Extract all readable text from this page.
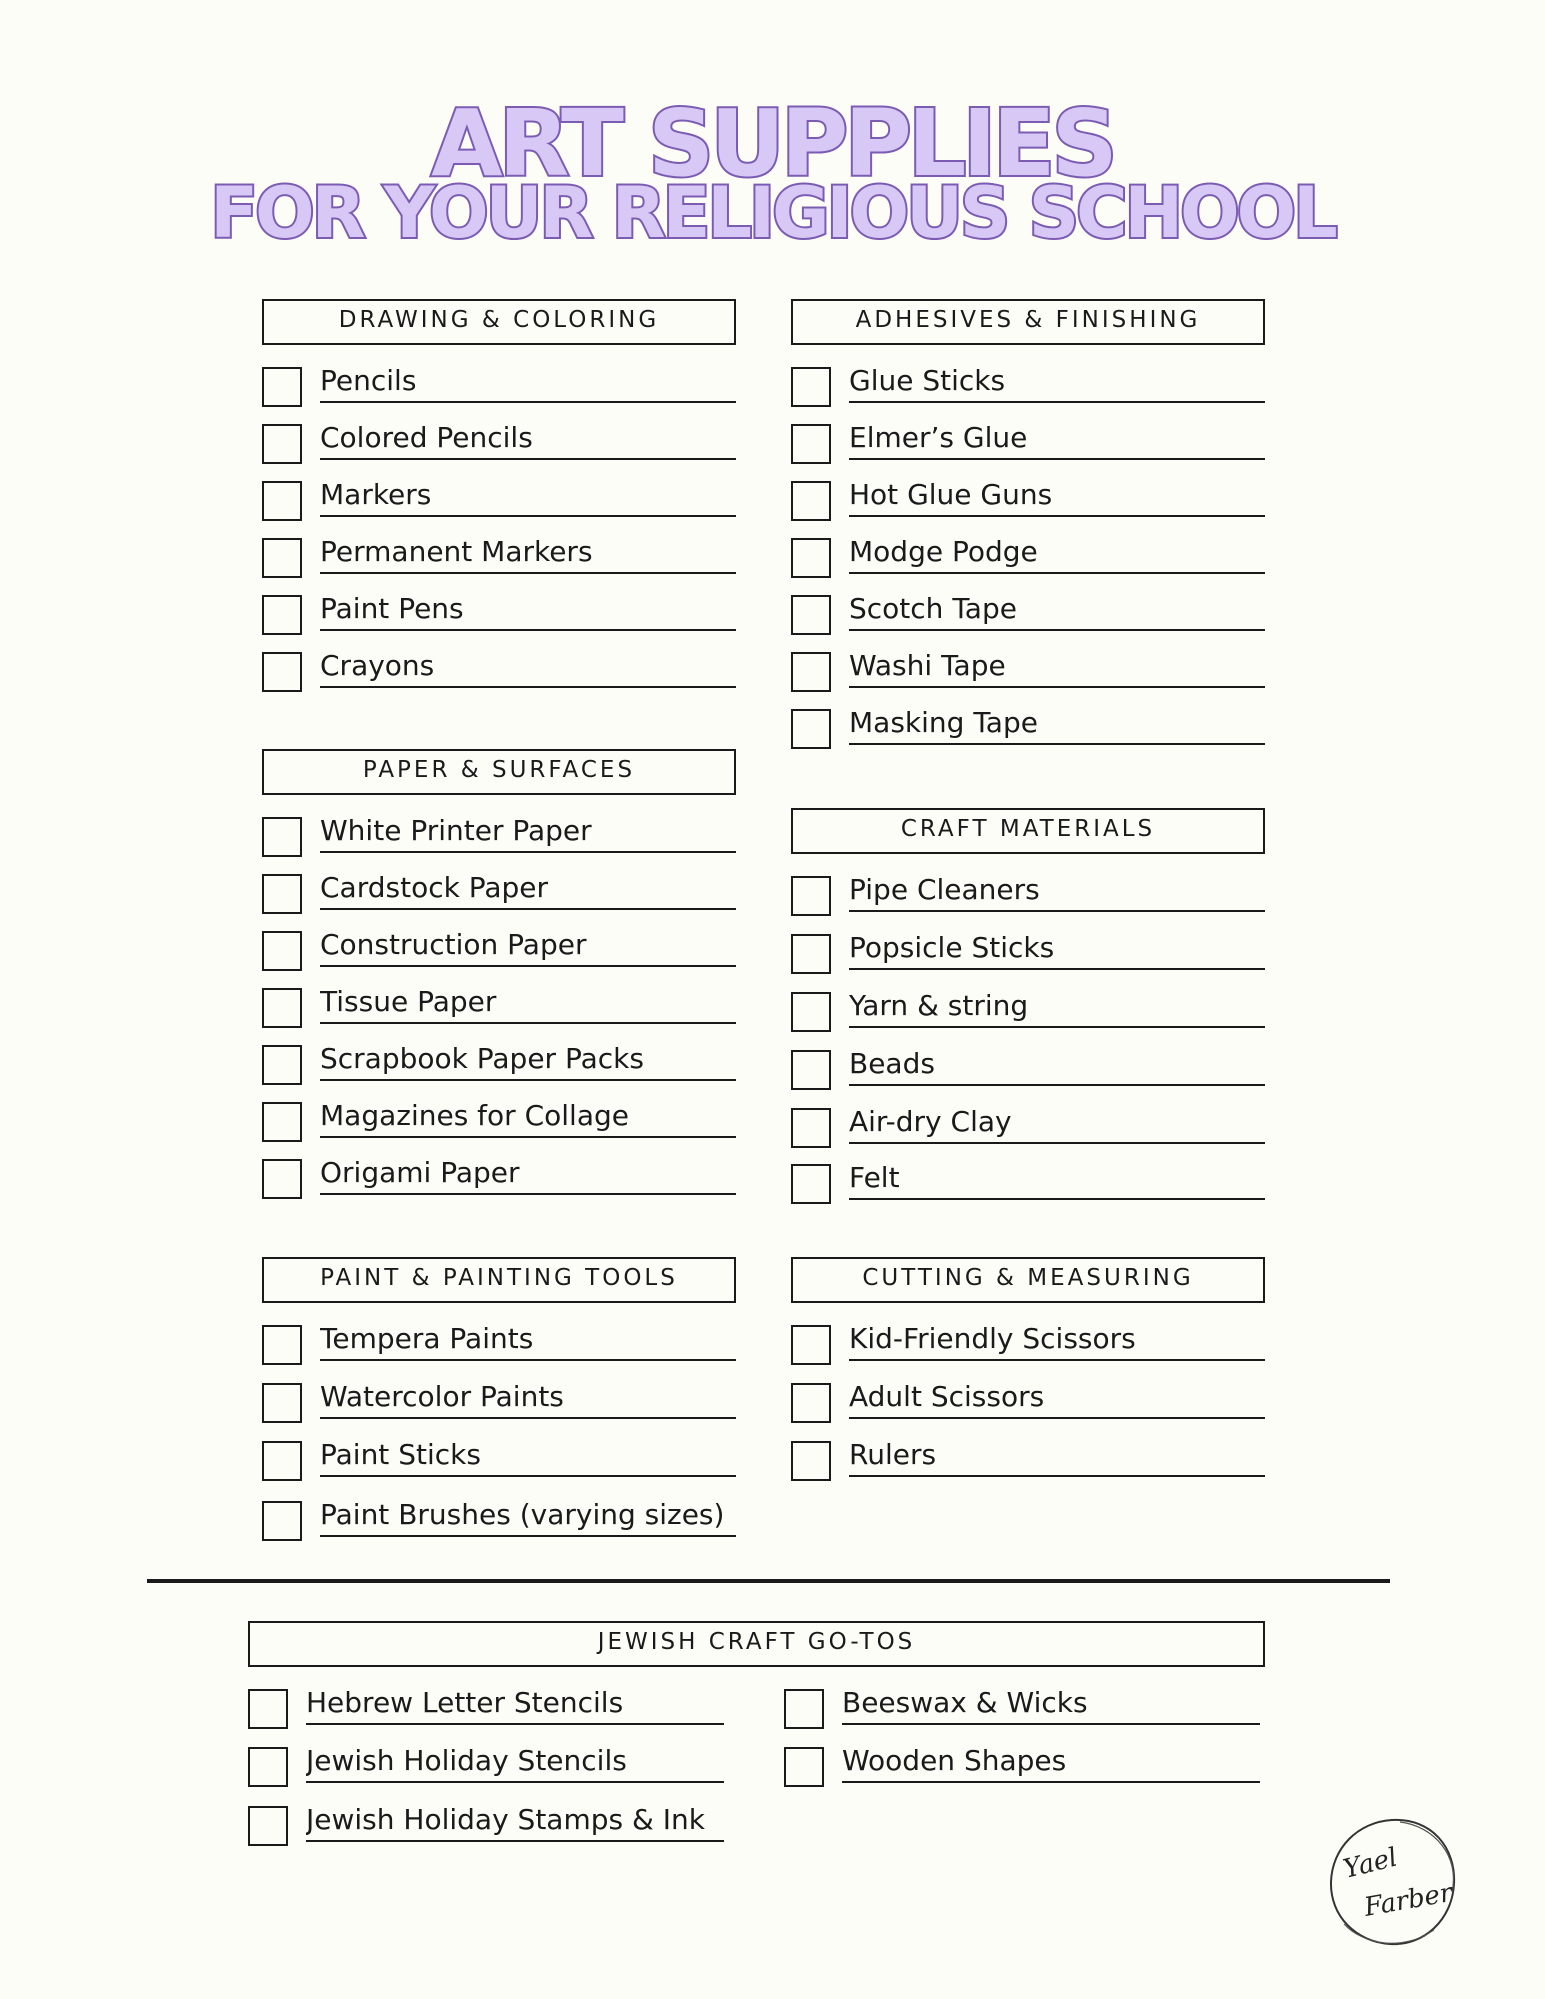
ART SUPPLIES
FOR YOUR RELIGIOUS SCHOOL
DRAWING & COLORING
Pencils
Colored Pencils
Markers
Permanent Markers
Paint Pens
Crayons
PAPER & SURFACES
White Printer Paper
Cardstock Paper
Construction Paper
Tissue Paper
Scrapbook Paper Packs
Magazines for Collage
Origami Paper
PAINT & PAINTING TOOLS
Tempera Paints
Watercolor Paints
Paint Sticks
Paint Brushes (varying sizes)
ADHESIVES & FINISHING
Glue Sticks
Elmer’s Glue
Hot Glue Guns
Modge Podge
Scotch Tape
Washi Tape
Masking Tape
CRAFT MATERIALS
Pipe Cleaners
Popsicle Sticks
Yarn & string
Beads
Air-dry Clay
Felt
CUTTING & MEASURING
Kid-Friendly Scissors
Adult Scissors
Rulers
JEWISH CRAFT GO-TOS
Hebrew Letter Stencils
Jewish Holiday Stencils
Jewish Holiday Stamps & Ink
Beeswax & Wicks
Wooden Shapes
Yael
Farber
